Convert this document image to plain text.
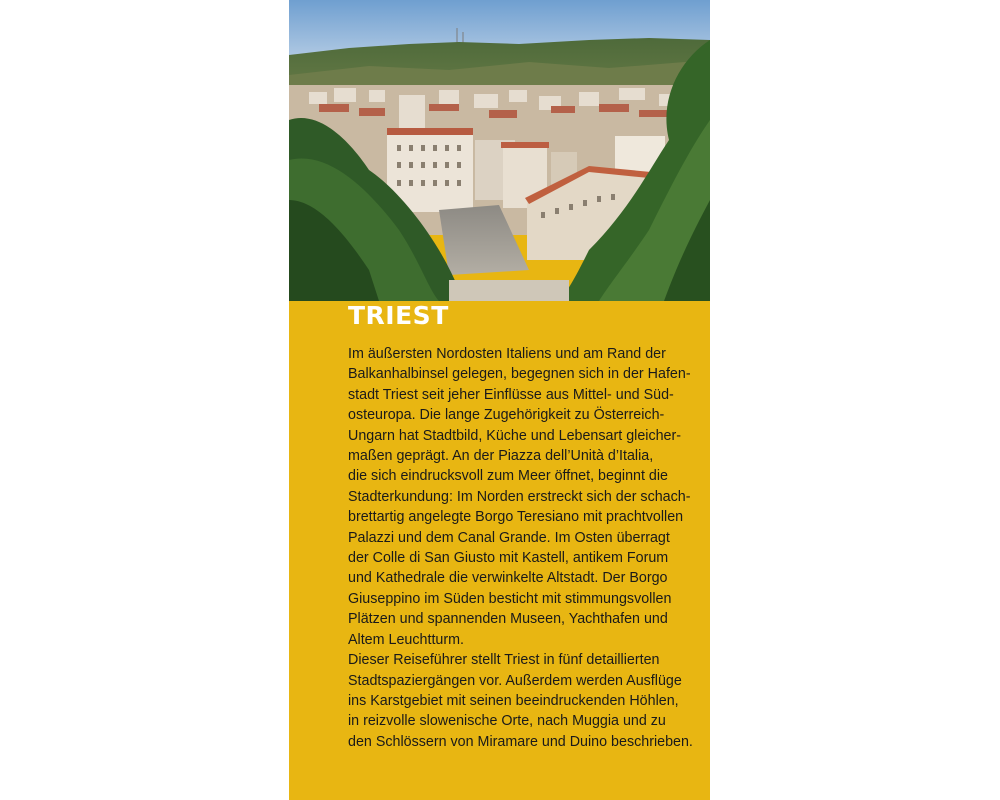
TRIEST

Im äußersten Nordosten Italiens und am Rand der
Balkanhalbinsel gelegen, begegnen sich in der Hafen-
stadt Triest seit jeher Einflüsse aus Mittel- und Süd-
osteuropa. Die lange Zugehörigkeit zu Österreich-
Ungarn hat Stadtbild, Küche und Lebensart gleicher-
maßen geprägt. An der Piazza dell’Unità d’Italia,
die sich eindrucksvoll zum Meer öffnet, beginnt die
Stadterkundung: Im Norden erstreckt sich der schach-
brettartig angelegte Borgo Teresiano mit prachtvollen
Palazzi und dem Canal Grande. Im Osten überragt
der Colle di San Giusto mit Kastell, antikem Forum
und Kathedrale die verwinkelte Altstadt. Der Borgo
Giuseppino im Süden besticht mit stimmungsvollen
Plätzen und spannenden Museen, Yachthafen und
Altem Leuchtturm.
Dieser Reiseführer stellt Triest in fünf detaillierten
Stadtspaziergängen vor. Außerdem werden Ausflüge
ins Karstgebiet mit seinen beeindruckenden Höhlen,
in reizvolle slowenische Orte, nach Muggia und zu
den Schlössern von Miramare und Duino beschrieben.
